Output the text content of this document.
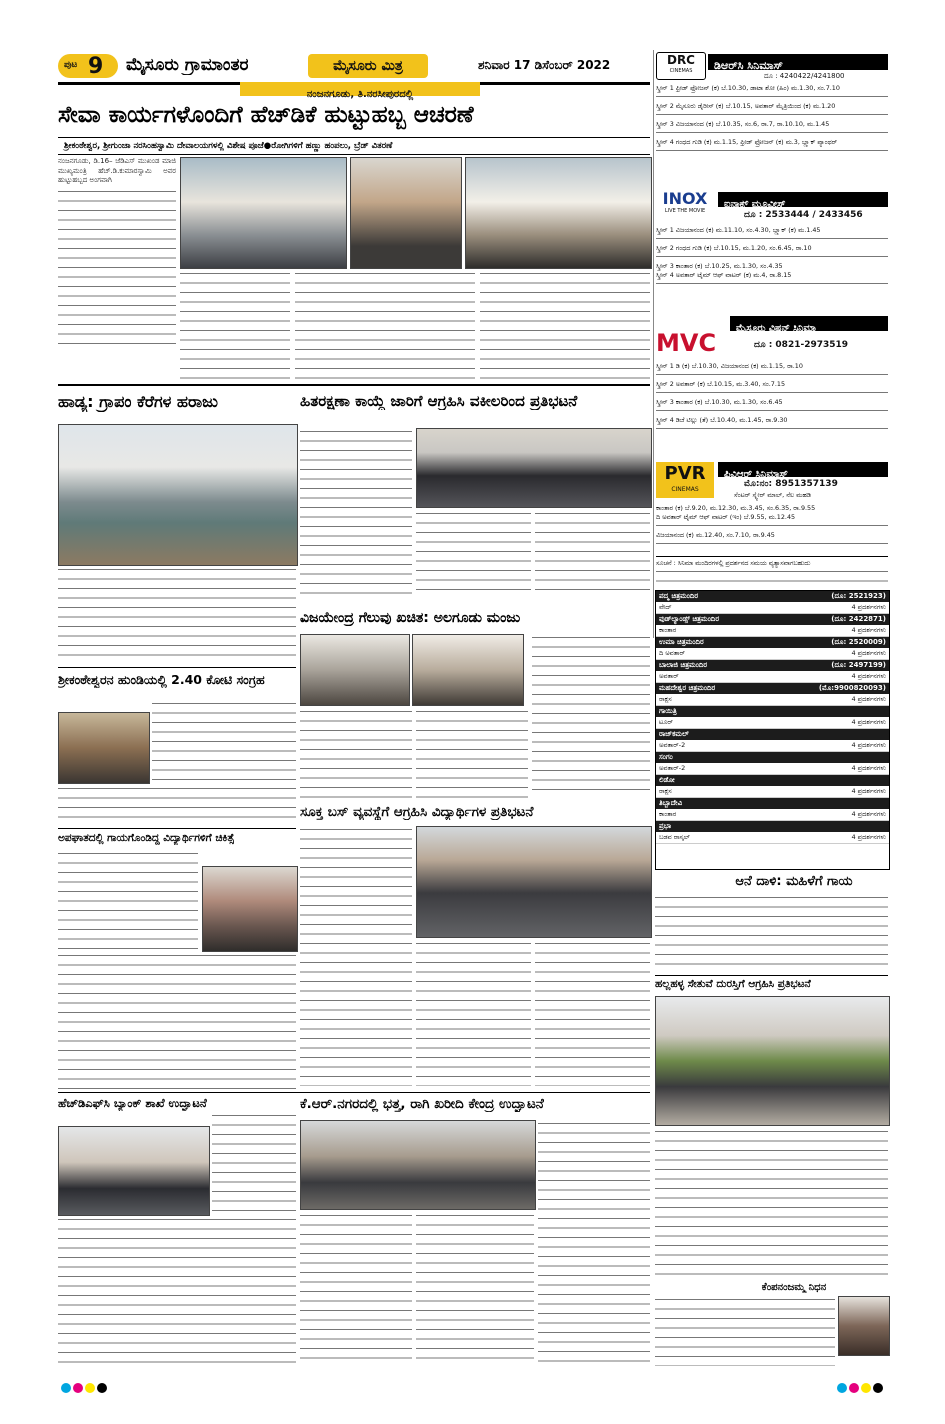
ಪುಟ 9 ಮೈಸೂರು ಗ್ರಾಮಾಂತರ	ಮೈಸೂರು ಮಿತ್ರ	ಶನಿವಾರ 17 ಡಿಸೆಂಬರ್ 2022
ನಂಜನಗೂಡು, ತಿ.ನರಸೀಪುರದಲ್ಲಿ
ಸೇವಾ ಕಾರ್ಯಗಳೊಂದಿಗೆ ಹೆಚ್‌ಡಿಕೆ ಹುಟ್ಟುಹಬ್ಬ ಆಚರಣೆ
ಶ್ರೀಕಂಠೇಶ್ವರ, ಶ್ರೀಗುಂಜಾ ನರಸಿಂಹಸ್ವಾಮಿ ದೇವಾಲಯಗಳಲ್ಲಿ ವಿಶೇಷ ಪೂಜೆ●ರೋಗಿಗಳಿಗೆ ಹಣ್ಣು ಹಂಪಲು, ಬ್ರೆಡ್ ವಿತರಣೆ
ನಂಜನಗೂಡು, ಡಿ.16– ಜೆಡಿಎಸ್ ಮುಖಂಡ ಮಾಜಿ ಮುಖ್ಯಮಂತ್ರಿ ಹೆಚ್.ಡಿ.ಕುಮಾರಸ್ವಾಮಿ ಅವರ ಹುಟ್ಟುಹಬ್ಬದ ಅಂಗವಾಗಿ
ಹಾಡ್ಯ: ಗ್ರಾಪಂ ಕೆರೆಗಳ ಹರಾಜು	ಹಿತರಕ್ಷಣಾ ಕಾಯ್ದೆ ಜಾರಿಗೆ ಆಗ್ರಹಿಸಿ ವಕೀಲರಿಂದ ಪ್ರತಿಭಟನೆ
ಶ್ರೀಕಂಠೇಶ್ವರನ ಹುಂಡಿಯಲ್ಲಿ 2.40 ಕೋಟಿ ಸಂಗ್ರಹ
ವಿಜಯೇಂದ್ರ ಗೆಲುವು ಖಚಿತ: ಅಲಗೂಡು ಮಂಜು
ಸೂಕ್ತ ಬಸ್ ವ್ಯವಸ್ಥೆಗೆ ಆಗ್ರಹಿಸಿ ವಿದ್ಯಾರ್ಥಿಗಳ ಪ್ರತಿಭಟನೆ
ಅಪಘಾತದಲ್ಲಿ ಗಾಯಗೊಂಡಿದ್ದ ವಿದ್ಯಾರ್ಥಿಗಳಿಗೆ ಚಿಕಿತ್ಸೆ
ಹೆಚ್‌ಡಿಎಫ್‌ಸಿ ಬ್ಯಾಂಕ್ ಶಾಖೆ ಉದ್ಘಾಟನೆ	ಕೆ.ಆರ್.ನಗರದಲ್ಲಿ ಭತ್ತ, ರಾಗಿ ಖರೀದಿ ಕೇಂದ್ರ ಉದ್ಘಾಟನೆ
DRC
CINEMAS	ಡಿಆರ್‌ಸಿ ಸಿನಿಮಾಸ್
ದೂ : 4240422/4241800
ಸ್ಕ್ರೀನ್ 1 ಫ್ರೀಡ್ ಫ್ರೋಜನ್ (ಕ) ಬೆ.10.30, ಡಾಟಾ ಶೋ (ಹಿಂ) ಮ.1.30, ಸಂ.7.10
ಸ್ಕ್ರೀನ್ 2 ಮೈಸೂರು ಡೈರೀಸ್ (ಕ) ಬೆ.10.15, ಅವತಾರ್ ಮೈತ್ರಿಯಿಂದ (ಕ) ಮ.1.20
ಸ್ಕ್ರೀನ್ 3 ವಿಜಯಾನಂದ (ಕ) ಬೆ.10.35, ಸಂ.6, ರಾ.7, ರಾ.10.10, ಮ.1.45
ಸ್ಕ್ರೀನ್ 4 ಗಂಧದ ಗುಡಿ (ಕ) ಮ.1.15, ಫ್ರೀಡ್ ಫ್ರೋಜನ್ (ಕ) ಮ.3, ಬ್ಲ್ಯಾಕ್ ಪ್ಯಾಂಥರ್
INOX
LIVE THE MOVIE
ಐನಾಕ್ಸ್ ಮೂವೀಸ್
ದೂ : 2533444 / 2433456
ಸ್ಕ್ರೀನ್ 1 ವಿಜಯಾನಂದ (ಕ) ಮ.11.10, ಸಂ.4.30, ಬ್ಲ್ಯಾಕ್ (ಕ) ಮ.1.45
ಸ್ಕ್ರೀನ್ 2 ಗಂಧದ ಗುಡಿ (ಕ) ಬೆ.10.15, ಮ.1.20, ಸಂ.6.45, ರಾ.10
ಸ್ಕ್ರೀನ್ 3 ಕಾಂತಾರ (ಕ) ಬೆ.10.25, ಮ.1.30, ಸಂ.4.35
ಸ್ಕ್ರೀನ್ 4 ಅವತಾರ್ ಟೈಮ್ ಆಫ್ ವಾಟರ್ (ಕ) ಮ.4, ರಾ.8.15
MVC
ಮೈಸೂರು ವಿಷನ್ ಸಿನಿಮಾ
ದೂ : 0821-2973519
ಸ್ಕ್ರೀನ್ 1 ಡಿ (ಕ) ಬೆ.10.30, ವಿಜಯಾನಂದ (ಕ) ಮ.1.15, ರಾ.10
ಸ್ಕ್ರೀನ್ 2 ಅವತಾರ್ (ಕ) ಬೆ.10.15, ಮ.3.40, ಸಂ.7.15
ಸ್ಕ್ರೀನ್ 3 ಕಾಂತಾರ (ಕ) ಬೆ.10.30, ಮ.1.30, ಸಂ.6.45
ಸ್ಕ್ರೀನ್ 4 ಡಿಜೆ ಟಿಲ್ಲು (ತೆ) ಬೆ.10.40, ಮ.1.45, ರಾ.9.30
PVR
CINEMAS
ಪಿವಿಆರ್ ಸಿನಿಮಾಸ್
ಮೊ:ನಂ: 8951357139
ಸೆಂಟರ್ ಸ್ಕ್ವೇರ್ ಮಾಲ್, ನೆಲ ಮಹಡಿ
ಕಾಂತಾರ (ಕ) ಬೆ.9.20, ಮ.12.30, ಮ.3.45, ಸಂ.6.35, ರಾ.9.55
ದಿ ಅವತಾರ್ ಟೈಮ್ ಆಫ್ ವಾಟರ್ (ಇಂ) ಬೆ.9.55, ಮ.12.45
ವಿಜಯಾನಂದ (ಕ) ಮ.12.40, ಸಂ.7.10, ರಾ.9.45
ಸೂಚನೆ : ಸಿನಿಮಾ ಮಂದಿರಗಳಲ್ಲಿ ಪ್ರದರ್ಶನದ ಸಮಯ ವ್ಯತ್ಯಾಸವಾಗಬಹುದು
ಪದ್ಮ ಚಿತ್ರಮಂದಿರ	(ದೂ: 2521923)
ವೇದ್	4 ಪ್ರದರ್ಶನಗಳು
ವುಡ್‌ಲ್ಯಾಂಡ್ಸ್ ಚಿತ್ರಮಂದಿರ	(ದೂ: 2422871)
ಕಾಂತಾರ	4 ಪ್ರದರ್ಶನಗಳು
ಉಮಾ ಚಿತ್ರಮಂದಿರ	(ದೂ: 2520009)
ದಿ ಅವತಾರ್	4 ಪ್ರದರ್ಶನಗಳು
ಬಾಲಾಜಿ ಚಿತ್ರಮಂದಿರ	(ದೂ: 2497199)
ಅವತಾರ್	4 ಪ್ರದರ್ಶನಗಳು
ಮಹದೇಶ್ವರ ಚಿತ್ರಮಂದಿರ	(ಮೊ:9900820093)
ರಾಕ್ಷಸ	4 ಪ್ರದರ್ಶನಗಳು
ಗಾಯಿತ್ರಿ
ಟೂರ್	4 ಪ್ರದರ್ಶನಗಳು
ರಾಜ್‌ಕಮಲ್
ಅವತಾರ್-2	4 ಪ್ರದರ್ಶನಗಳು
ಸಂಗಂ
ಅವತಾರ್-2	4 ಪ್ರದರ್ಶನಗಳು
ಲಿಡೋ
ರಾಕ್ಷಸ	4 ಪ್ರದರ್ಶನಗಳು
ತಿಬ್ಬಾದೇವಿ
ಕಾಂತಾರ	4 ಪ್ರದರ್ಶನಗಳು
ಪ್ರಭಾ
ಬಡವ ರಾಸ್ಕಲ್	4 ಪ್ರದರ್ಶನಗಳು
ಆನೆ ದಾಳಿ: ಮಹಿಳೆಗೆ ಗಾಯ
ಹಲ್ಲಹಳ್ಳ ಸೇತುವೆ ದುರಸ್ತಿಗೆ ಆಗ್ರಹಿಸಿ ಪ್ರತಿಭಟನೆ
ಕೆಂಪನಂಜಮ್ಮ ನಿಧನ
